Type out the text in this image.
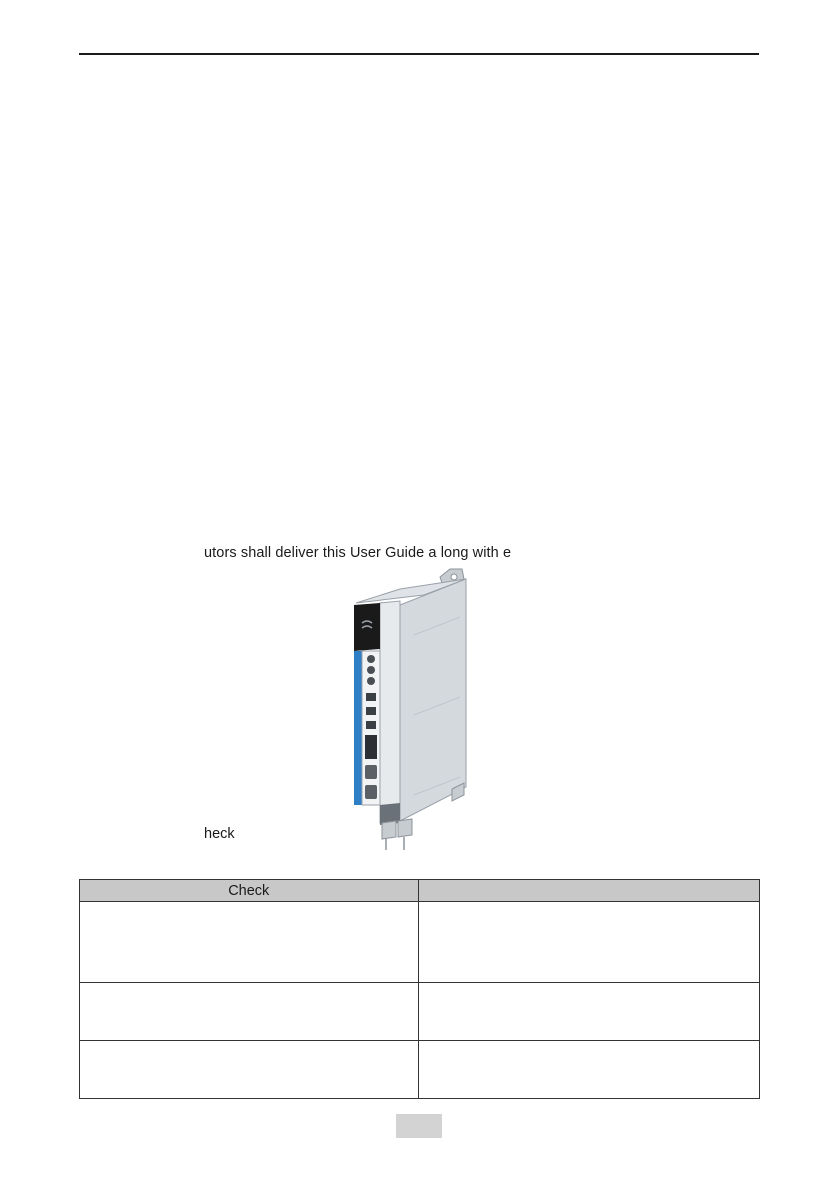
utors shall deliver this User Guide a long with e
heck
Check	
